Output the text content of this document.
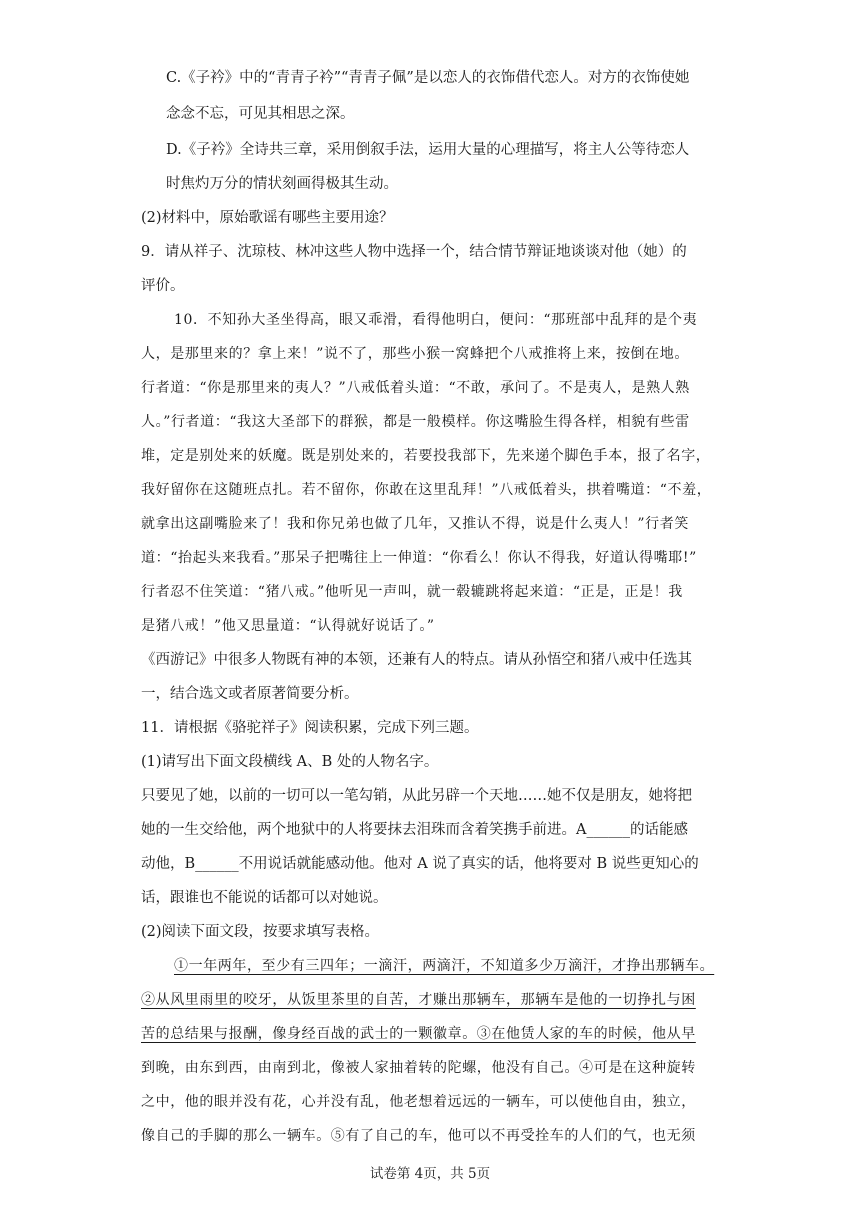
C.《子衿》中的“青青子衿”“青青子佩”是以恋人的衣饰借代恋人。对方的衣饰使她
念念不忘，可见其相思之深。
D.《子衿》全诗共三章，采用倒叙手法，运用大量的心理描写，将主人公等待恋人
时焦灼万分的情状刻画得极其生动。
(2)材料中，原始歌谣有哪些主要用途？
9．请从祥子、沈琼枝、林冲这些人物中选择一个，结合情节辩证地谈谈对他（她）的
评价。
10．不知孙大圣坐得高，眼又乖滑，看得他明白，便问：“那班部中乱拜的是个夷
人，是那里来的？拿上来！”说不了，那些小猴一窝蜂把个八戒推将上来，按倒在地。
行者道：“你是那里来的夷人？”八戒低着头道：“不敢，承问了。不是夷人，是熟人熟
人。”行者道：“我这大圣部下的群猴，都是一般模样。你这嘴脸生得各样，相貌有些雷
堆，定是别处来的妖魔。既是别处来的，若要投我部下，先来递个脚色手本，报了名字，
我好留你在这随班点扎。若不留你，你敢在这里乱拜！”八戒低着头，拱着嘴道：“不羞，
就拿出这副嘴脸来了！我和你兄弟也做了几年，又推认不得，说是什么夷人！”行者笑
道：“抬起头来我看。”那呆子把嘴往上一伸道：“你看么！你认不得我，好道认得嘴耶!”
行者忍不住笑道：“猪八戒。”他听见一声叫，就一毂辘跳将起来道：“正是，正是！我
是猪八戒！”他又思量道：“认得就好说话了。”
《西游记》中很多人物既有神的本领，还兼有人的特点。请从孙悟空和猪八戒中任选其
一，结合选文或者原著简要分析。
11．请根据《骆驼祥子》阅读积累，完成下列三题。
(1)请写出下面文段横线 A、B 处的人物名字。
只要见了她，以前的一切可以一笔勾销，从此另辟一个天地……她不仅是朋友，她将把
她的一生交给他，两个地狱中的人将要抹去泪珠而含着笑携手前进。A______的话能感
动他，B______不用说话就能感动他。他对 A 说了真实的话，他将要对 B 说些更知心的
话，跟谁也不能说的话都可以对她说。
(2)阅读下面文段，按要求填写表格。
①一年两年，至少有三四年；一滴汗，两滴汗，不知道多少万滴汗，才挣出那辆车。
②从风里雨里的咬牙，从饭里茶里的自苦，才赚出那辆车，那辆车是他的一切挣扎与困
苦的总结果与报酬，像身经百战的武士的一颗徽章。③在他赁人家的车的时候，他从早
到晚，由东到西，由南到北，像被人家抽着转的陀螺，他没有自己。④可是在这种旋转
之中，他的眼并没有花，心并没有乱，他老想着远远的一辆车，可以使他自由，独立，
像自己的手脚的那么一辆车。⑤有了自己的车，他可以不再受拴车的人们的气，也无须
试卷第 4页，共 5页
